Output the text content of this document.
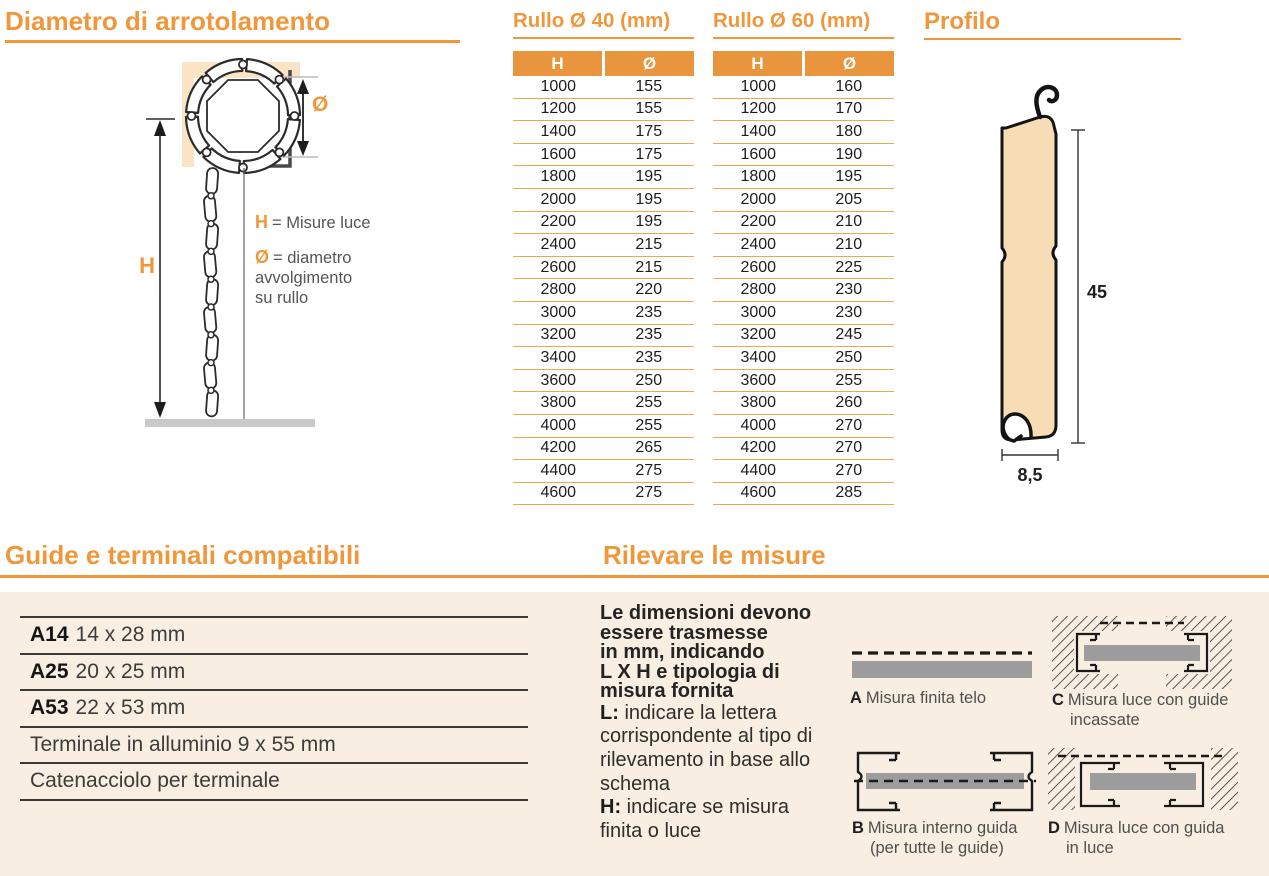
Diametro di arrotolamento
Guide e terminali compatibili	Rilevare le misure
H
Ø
H = Misure luce
Ø = diametro
avvolgimento
su rullo
Rullo Ø 40 (mm)
H	Ø
1000	155
1200	155
1400	175
1600	175
1800	195
2000	195
2200	195
2400	215
2600	215
2800	220
3000	235
3200	235
3400	235
3600	250
3800	255
4000	255
4200	265
4400	275
4600	275
Rullo Ø 60 (mm)
H	Ø
1000	160
1200	170
1400	180
1600	190
1800	195
2000	205
2200	210
2400	210
2600	225
2800	230
3000	230
3200	245
3400	250
3600	255
3800	260
4000	270
4200	270
4400	270
4600	285
Profilo
45
8,5
A14 14 x 28 mm
A25 20 x 25 mm
A53 22 x 53 mm
Terminale in alluminio 9 x 55 mm
Catenacciolo per terminale
Le dimensioni devono
essere trasmesse
in mm, indicando
L X H e tipologia di
misura fornita
L: indicare la lettera
corrispondente al tipo di
rilevamento in base allo
schema
H: indicare se misura
finita o luce
A Misura finita telo
B Misura interno guida
(per tutte le guide)
C Misura luce con guide
incassate
D Misura luce con guida
in luce
